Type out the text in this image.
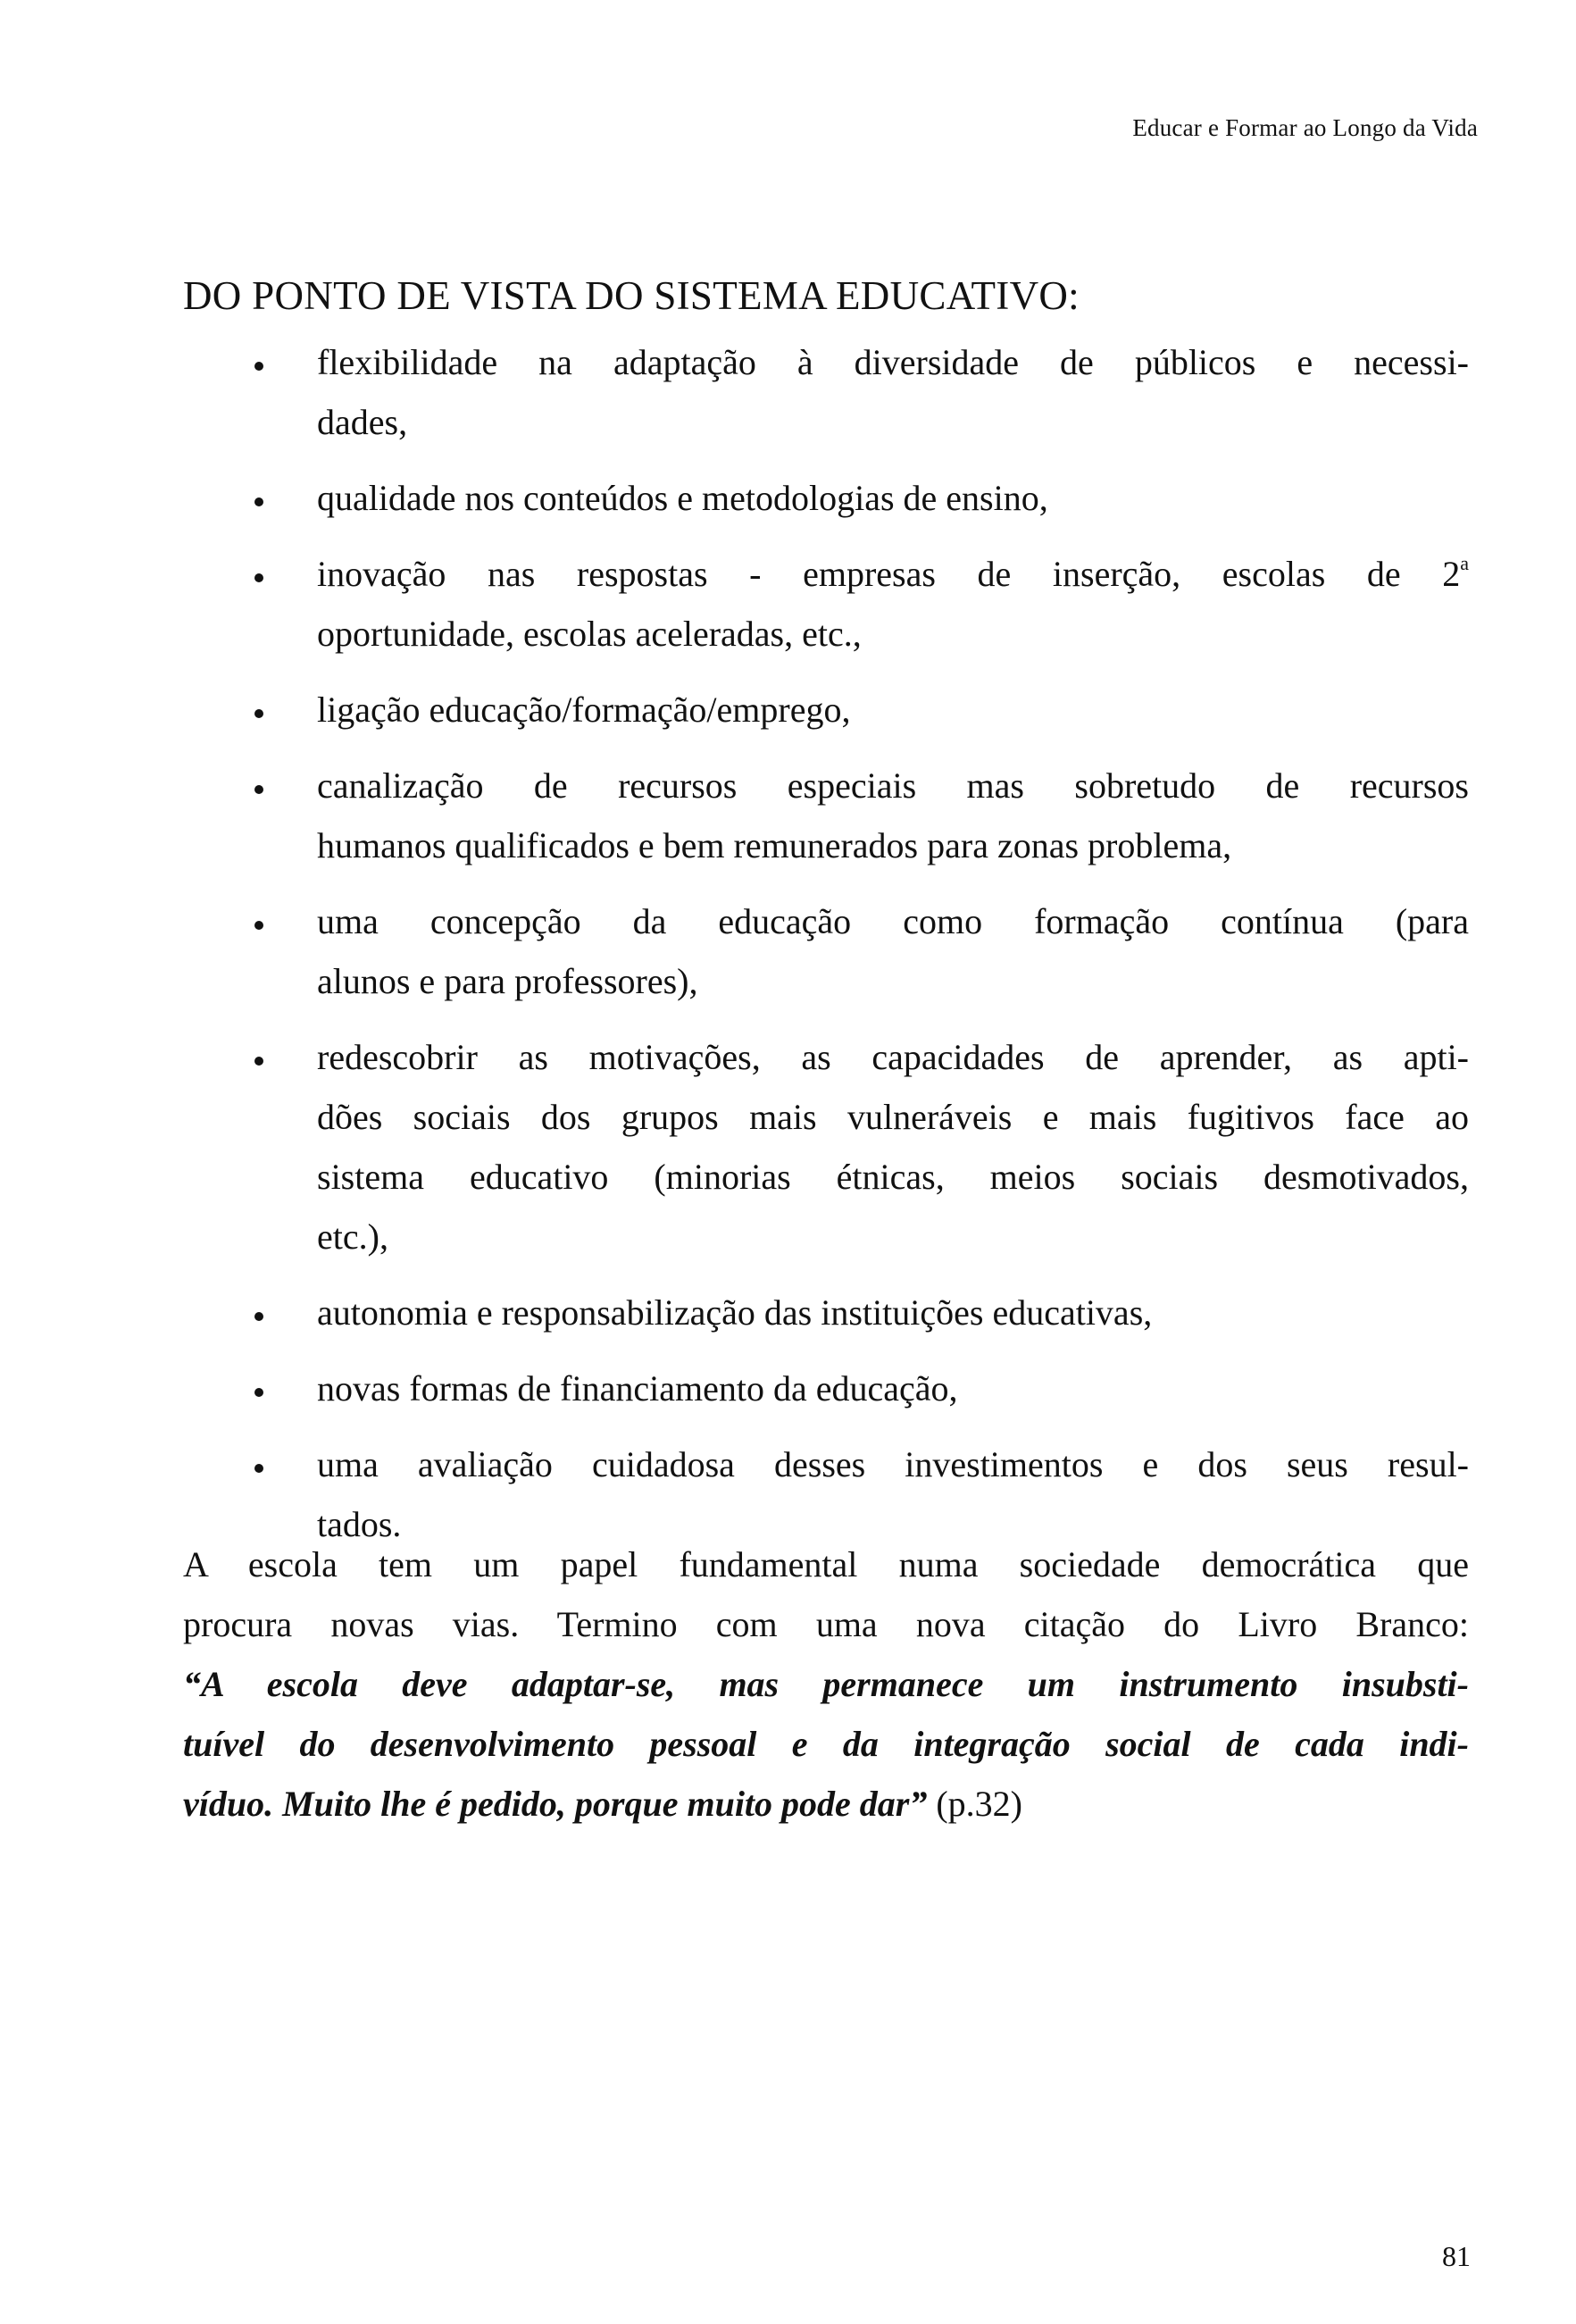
Educar e Formar ao Longo da Vida
DO PONTO DE VISTA DO SISTEMA EDUCATIVO:
flexibilidade na adaptação à diversidade de públicos e necessi-
dades,
qualidade nos conteúdos e metodologias de ensino,
inovação nas respostas - empresas de inserção, escolas de 2$^a$
oportunidade, escolas aceleradas, etc.,
ligação educação/formação/emprego,
canalização de recursos especiais mas sobretudo de recursos
humanos qualificados e bem remunerados para zonas problema,
uma concepção da educação como formação contínua (para
alunos e para professores),
redescobrir as motivações, as capacidades de aprender, as apti-
dões sociais dos grupos mais vulneráveis e mais fugitivos face ao
sistema educativo (minorias étnicas, meios sociais desmotivados,
etc.),
autonomia e responsabilização das instituições educativas,
novas formas de financiamento da educação,
uma avaliação cuidadosa desses investimentos e dos seus resul-
tados.
A escola tem um papel fundamental numa sociedade democrática que
procura novas vias. Termino com uma nova citação do Livro Branco:
“A escola deve adaptar-se, mas permanece um instrumento insubsti-
tuível do desenvolvimento pessoal e da integração social de cada indi-
víduo. Muito lhe é pedido, porque muito pode dar” (p.32)
81
